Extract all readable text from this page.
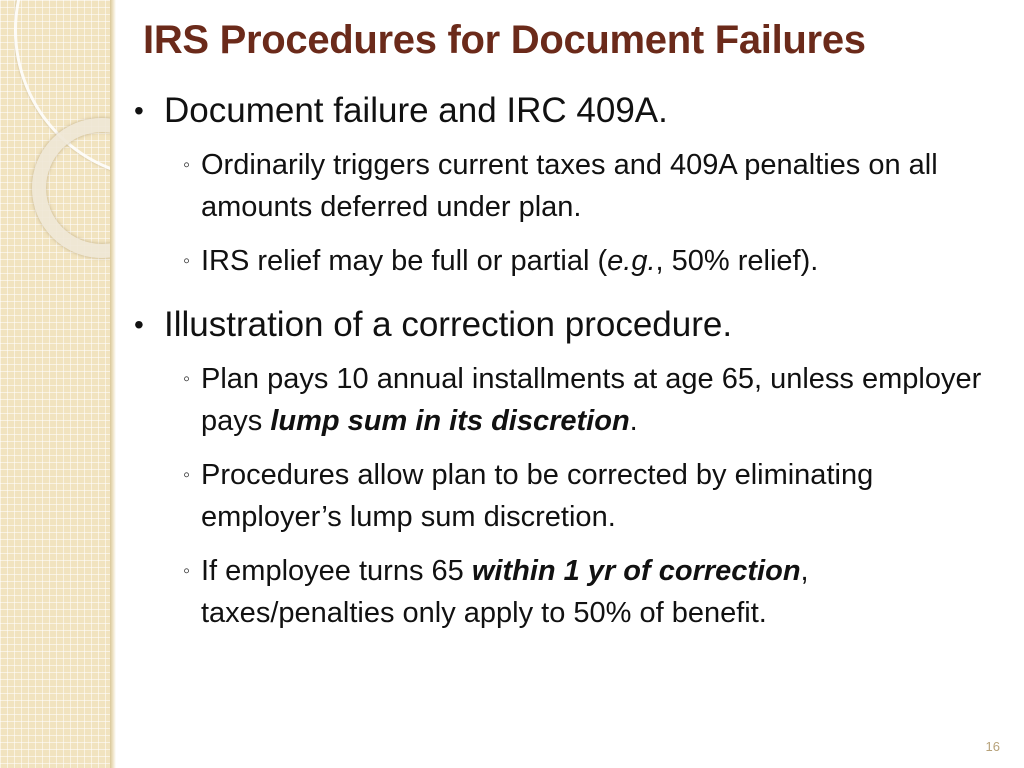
IRS Procedures for Document Failures
• Document failure and IRC 409A.
◦ Ordinarily triggers current taxes and 409A penalties on all amounts deferred under plan.
◦ IRS relief may be full or partial (e.g., 50% relief).
• Illustration of a correction procedure.
◦ Plan pays 10 annual installments at age 65, unless employer pays lump sum in its discretion.
◦ Procedures allow plan to be corrected by eliminating employer’s lump sum discretion.
◦ If employee turns 65 within 1 yr of correction, taxes/penalties only apply to 50% of benefit.
16
